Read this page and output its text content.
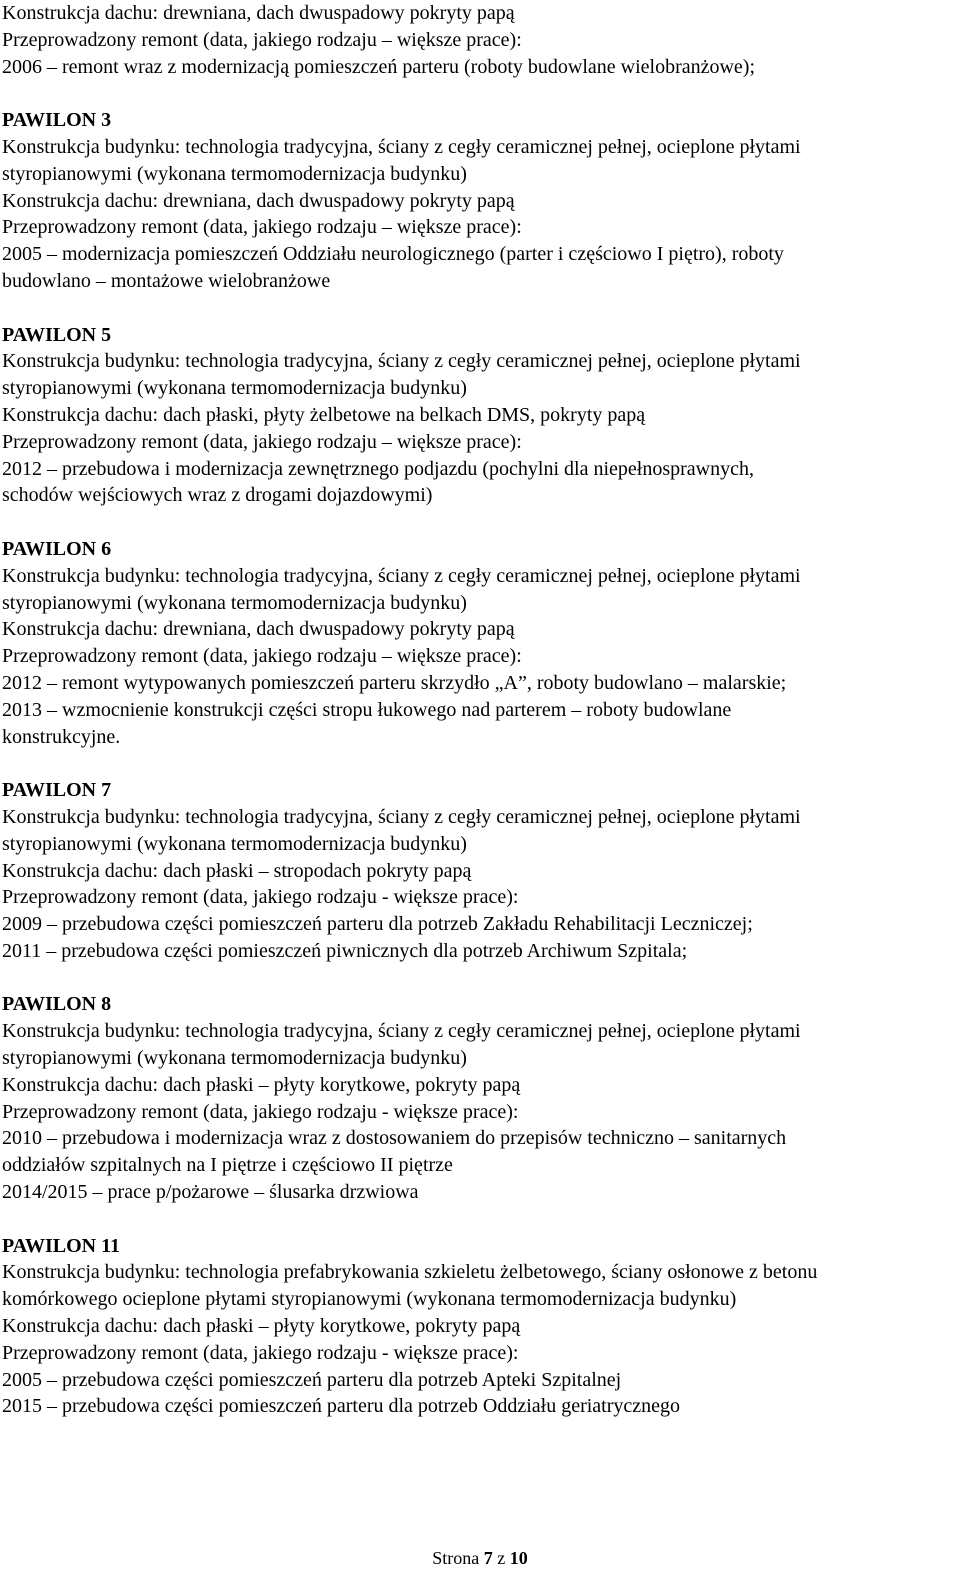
Konstrukcja dachu: drewniana, dach dwuspadowy pokryty papą
Przeprowadzony remont (data, jakiego rodzaju – większe prace):
2006 – remont wraz z modernizacją pomieszczeń parteru (roboty budowlane wielobranżowe);
PAWILON 3
Konstrukcja budynku: technologia tradycyjna, ściany z cegły ceramicznej pełnej, ocieplone płytami
styropianowymi (wykonana termomodernizacja budynku)
Konstrukcja dachu: drewniana, dach dwuspadowy pokryty papą
Przeprowadzony remont (data, jakiego rodzaju – większe prace):
2005 – modernizacja pomieszczeń Oddziału neurologicznego (parter i częściowo I piętro), roboty
budowlano – montażowe wielobranżowe
PAWILON 5
Konstrukcja budynku: technologia tradycyjna, ściany z cegły ceramicznej pełnej, ocieplone płytami
styropianowymi (wykonana termomodernizacja budynku)
Konstrukcja dachu: dach płaski, płyty żelbetowe na belkach DMS, pokryty papą
Przeprowadzony remont (data, jakiego rodzaju – większe prace):
2012 – przebudowa i modernizacja zewnętrznego podjazdu (pochylni dla niepełnosprawnych,
schodów wejściowych wraz z drogami dojazdowymi)
PAWILON 6
Konstrukcja budynku: technologia tradycyjna, ściany z cegły ceramicznej pełnej, ocieplone płytami
styropianowymi (wykonana termomodernizacja budynku)
Konstrukcja dachu: drewniana, dach dwuspadowy pokryty papą
Przeprowadzony remont (data, jakiego rodzaju – większe prace):
2012 – remont wytypowanych pomieszczeń parteru skrzydło „A”, roboty budowlano – malarskie;
2013 – wzmocnienie konstrukcji części stropu łukowego nad parterem – roboty budowlane
konstrukcyjne.
PAWILON 7
Konstrukcja budynku: technologia tradycyjna, ściany z cegły ceramicznej pełnej, ocieplone płytami
styropianowymi (wykonana termomodernizacja budynku)
Konstrukcja dachu: dach płaski – stropodach pokryty papą
Przeprowadzony remont (data, jakiego rodzaju - większe prace):
2009 – przebudowa części pomieszczeń parteru dla potrzeb Zakładu Rehabilitacji Leczniczej;
2011 – przebudowa części pomieszczeń piwnicznych dla potrzeb Archiwum Szpitala;
PAWILON 8
Konstrukcja budynku: technologia tradycyjna, ściany z cegły ceramicznej pełnej, ocieplone płytami
styropianowymi (wykonana termomodernizacja budynku)
Konstrukcja dachu: dach płaski – płyty korytkowe, pokryty papą
Przeprowadzony remont (data, jakiego rodzaju - większe prace):
2010 – przebudowa i modernizacja wraz z dostosowaniem do przepisów techniczno – sanitarnych
oddziałów szpitalnych na I piętrze i częściowo II piętrze
2014/2015 – prace p/pożarowe – ślusarka drzwiowa
PAWILON 11
Konstrukcja budynku: technologia prefabrykowania szkieletu żelbetowego, ściany osłonowe z betonu
komórkowego ocieplone płytami styropianowymi (wykonana termomodernizacja budynku)
Konstrukcja dachu: dach płaski – płyty korytkowe, pokryty papą
Przeprowadzony remont (data, jakiego rodzaju - większe prace):
2005 – przebudowa części pomieszczeń parteru dla potrzeb Apteki Szpitalnej
2015 – przebudowa części pomieszczeń parteru dla potrzeb Oddziału geriatrycznego
Strona 7 z 10
